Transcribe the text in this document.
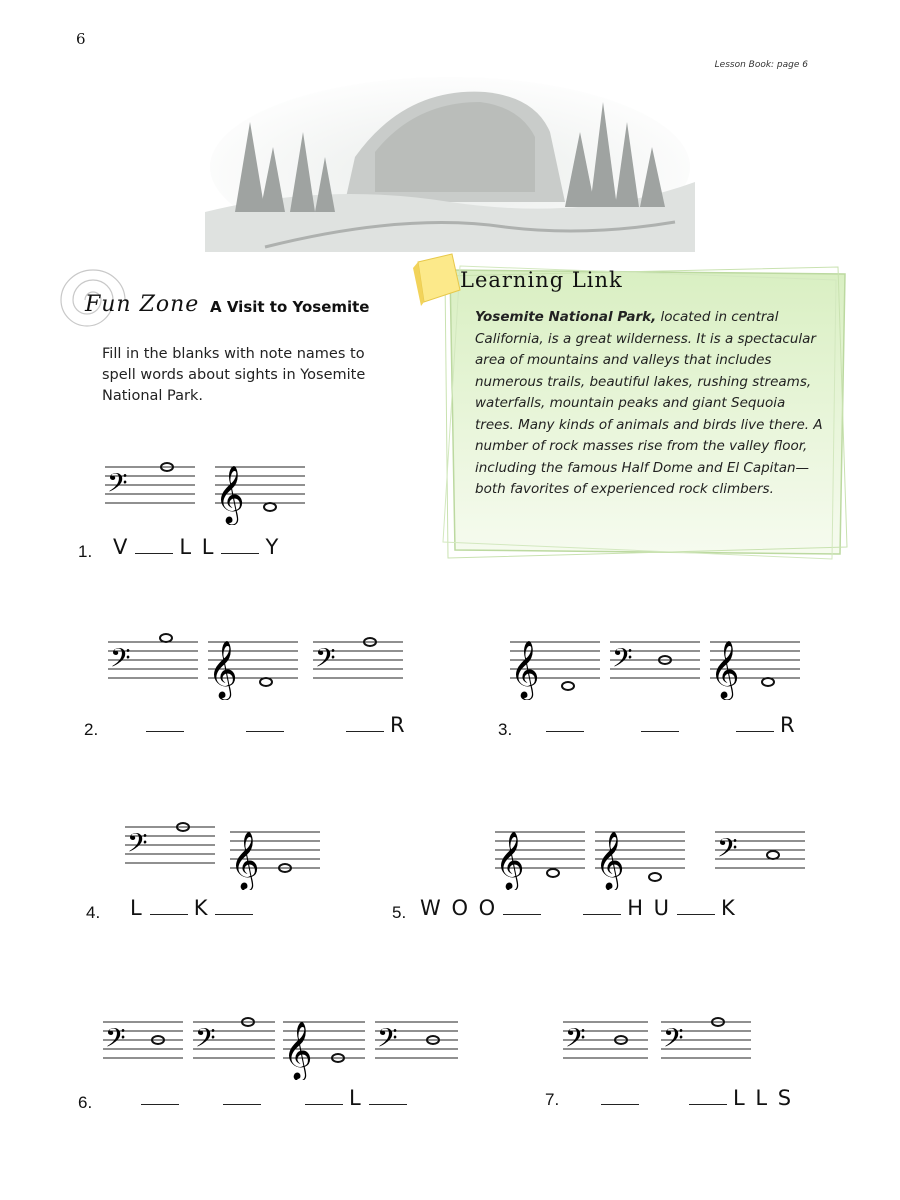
6
Lesson Book: page 6
Fun Zone A Visit to Yosemite
Fill in the blanks with note names to spell words about sights in Yosemite National Park.
Learning Link
Yosemite National Park, located in central California, is a great wilderness. It is a spectacular area of mountains and valleys that includes numerous trails, beautiful lakes, rushing streams, waterfalls, mountain peaks and giant Sequoia trees. Many kinds of animals and birds live there. A number of rock masses rise from the valley floor, including the famous Half Dome and El Capitan—both favorites of experienced rock climbers.
𝄢 𝄞
𝄢 𝄞 𝄢	𝄞 𝄢 𝄞
𝄢 𝄞	𝄞 𝄞	𝄢
𝄢 𝄢 𝄞 𝄢	𝄢 𝄢
1. V L L Y
2.	R	3.	R
4. L K	5. W O O	H U K
6.	L	7.	L L S
